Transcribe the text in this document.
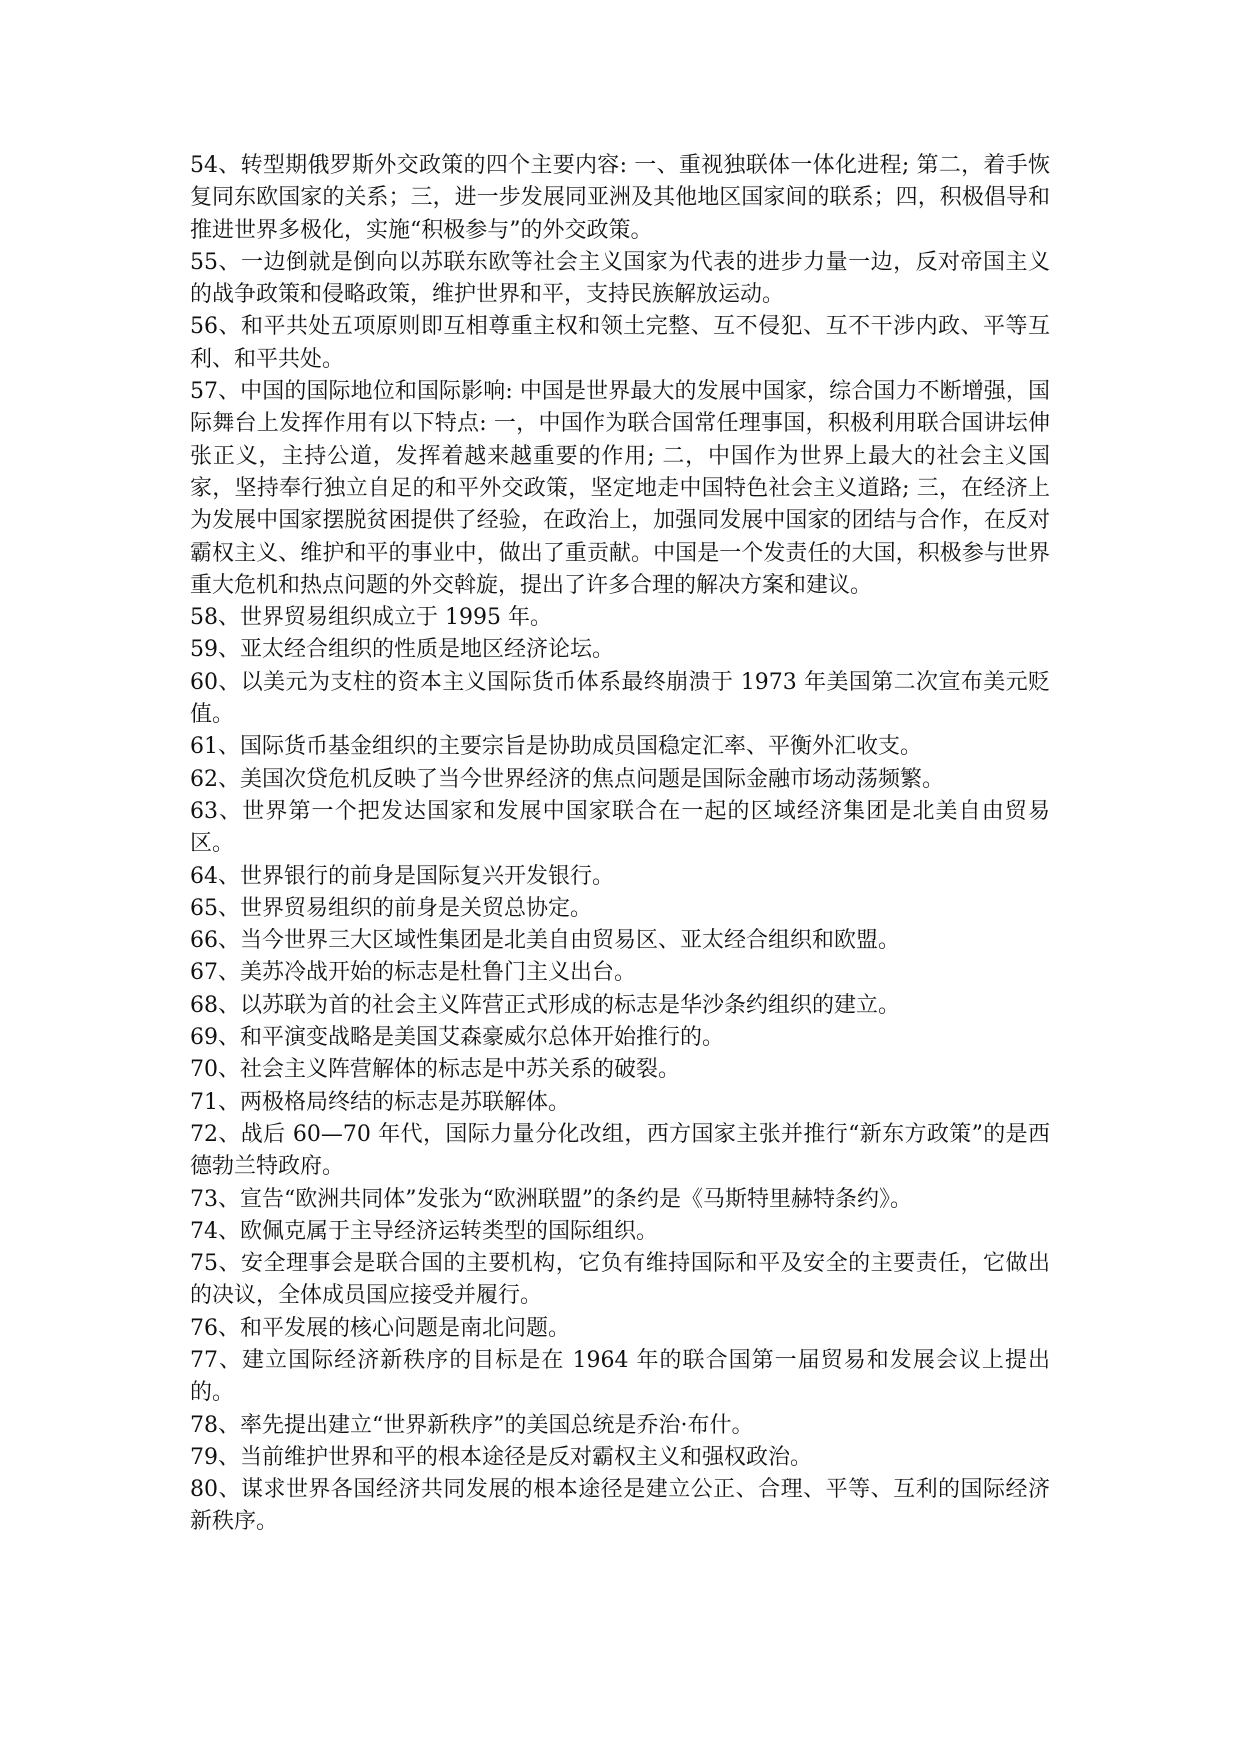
54、转型期俄罗斯外交政策的四个主要内容: 一、重视独联体一体化进程; 第二，着手恢复同东欧国家的关系；三，进一步发展同亚洲及其他地区国家间的联系；四，积极倡导和推进世界多极化，实施“积极参与”的外交政策。

55、一边倒就是倒向以苏联东欧等社会主义国家为代表的进步力量一边，反对帝国主义的战争政策和侵略政策，维护世界和平，支持民族解放运动。

56、和平共处五项原则即互相尊重主权和领土完整、互不侵犯、互不干涉内政、平等互利、和平共处。

57、中国的国际地位和国际影响: 中国是世界最大的发展中国家，综合国力不断增强，国际舞台上发挥作用有以下特点: 一，中国作为联合国常任理事国，积极利用联合国讲坛伸张正义，主持公道，发挥着越来越重要的作用; 二，中国作为世界上最大的社会主义国家，坚持奉行独立自足的和平外交政策，坚定地走中国特色社会主义道路; 三，在经济上为发展中国家摆脱贫困提供了经验，在政治上，加强同发展中国家的团结与合作，在反对霸权主义、维护和平的事业中，做出了重贡献。中国是一个发责任的大国，积极参与世界重大危机和热点问题的外交斡旋，提出了许多合理的解决方案和建议。

58、世界贸易组织成立于 1995 年。

59、亚太经合组织的性质是地区经济论坛。

60、以美元为支柱的资本主义国际货币体系最终崩溃于 1973 年美国第二次宣布美元贬值。

61、国际货币基金组织的主要宗旨是协助成员国稳定汇率、平衡外汇收支。

62、美国次贷危机反映了当今世界经济的焦点问题是国际金融市场动荡频繁。

63、世界第一个把发达国家和发展中国家联合在一起的区域经济集团是北美自由贸易区。

64、世界银行的前身是国际复兴开发银行。

65、世界贸易组织的前身是关贸总协定。

66、当今世界三大区域性集团是北美自由贸易区、亚太经合组织和欧盟。

67、美苏冷战开始的标志是杜鲁门主义出台。

68、以苏联为首的社会主义阵营正式形成的标志是华沙条约组织的建立。

69、和平演变战略是美国艾森豪威尔总体开始推行的。

70、社会主义阵营解体的标志是中苏关系的破裂。

71、两极格局终结的标志是苏联解体。

72、战后 60—70 年代，国际力量分化改组，西方国家主张并推行“新东方政策”的是西德勃兰特政府。

73、宣告“欧洲共同体”发张为“欧洲联盟”的条约是《马斯特里赫特条约》。

74、欧佩克属于主导经济运转类型的国际组织。

75、安全理事会是联合国的主要机构，它负有维持国际和平及安全的主要责任，它做出的决议，全体成员国应接受并履行。

76、和平发展的核心问题是南北问题。

77、建立国际经济新秩序的目标是在 1964 年的联合国第一届贸易和发展会议上提出的。

78、率先提出建立“世界新秩序”的美国总统是乔治·布什。

79、当前维护世界和平的根本途径是反对霸权主义和强权政治。

80、谋求世界各国经济共同发展的根本途径是建立公正、合理、平等、互利的国际经济新秩序。
